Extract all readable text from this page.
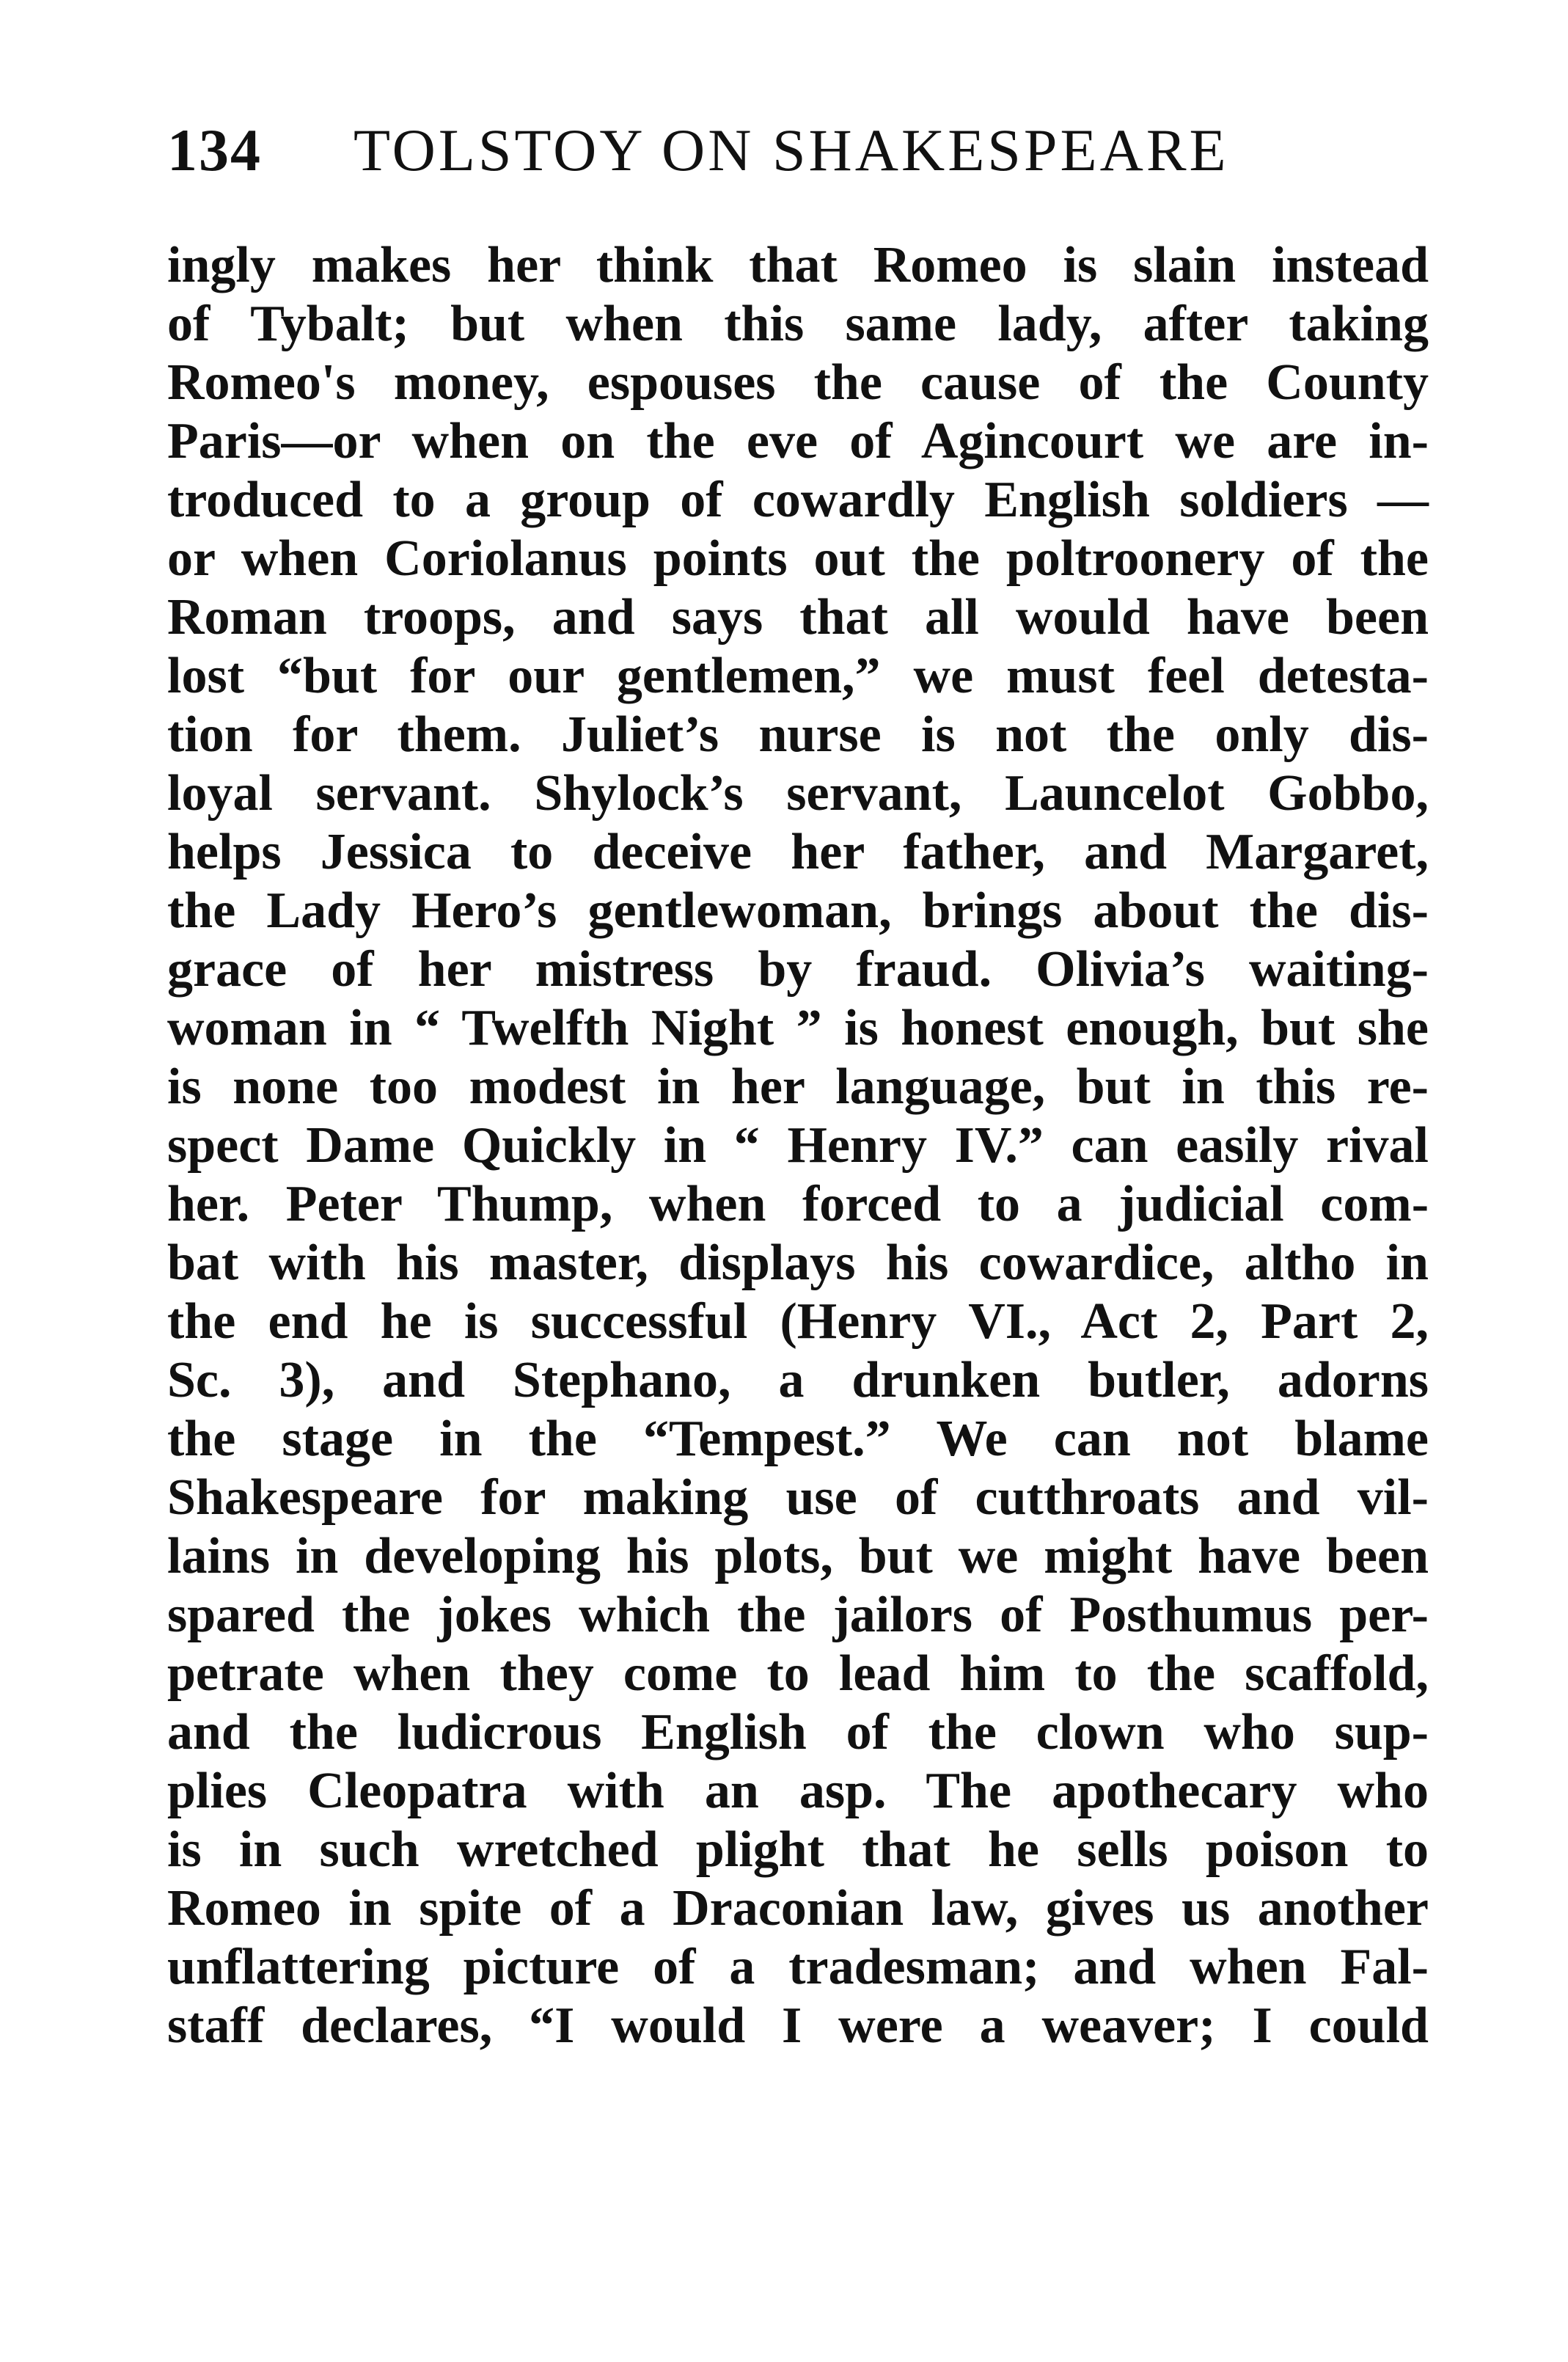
134 TOLSTOY ON SHAKESPEARE
ingly makes her think that Romeo is slain instead
of Tybalt; but when this same lady, after taking
Romeo's money, espouses the cause of the County
Paris—or when on the eve of Agincourt we are in-
troduced to a group of cowardly English soldiers —
or when Coriolanus points out the poltroonery of the
Roman troops, and says that all would have been
lost “but for our gentlemen,” we must feel detesta-
tion for them. Juliet’s nurse is not the only dis-
loyal servant. Shylock’s servant, Launcelot Gobbo,
helps Jessica to deceive her father, and Margaret,
the Lady Hero’s gentlewoman, brings about the dis-
grace of her mistress by fraud. Olivia’s waiting-
woman in “ Twelfth Night ” is honest enough, but she
is none too modest in her language, but in this re-
spect Dame Quickly in “ Henry IV.” can easily rival
her. Peter Thump, when forced to a judicial com-
bat with his master, displays his cowardice, altho in
the end he is successful (Henry VI., Act 2, Part 2,
Sc. 3), and Stephano, a drunken butler, adorns
the stage in the “Tempest.” We can not blame
Shakespeare for making use of cutthroats and vil-
lains in developing his plots, but we might have been
spared the jokes which the jailors of Posthumus per-
petrate when they come to lead him to the scaffold,
and the ludicrous English of the clown who sup-
plies Cleopatra with an asp. The apothecary who
is in such wretched plight that he sells poison to
Romeo in spite of a Draconian law, gives us another
unflattering picture of a tradesman; and when Fal-
staff declares, “I would I were a weaver; I could
